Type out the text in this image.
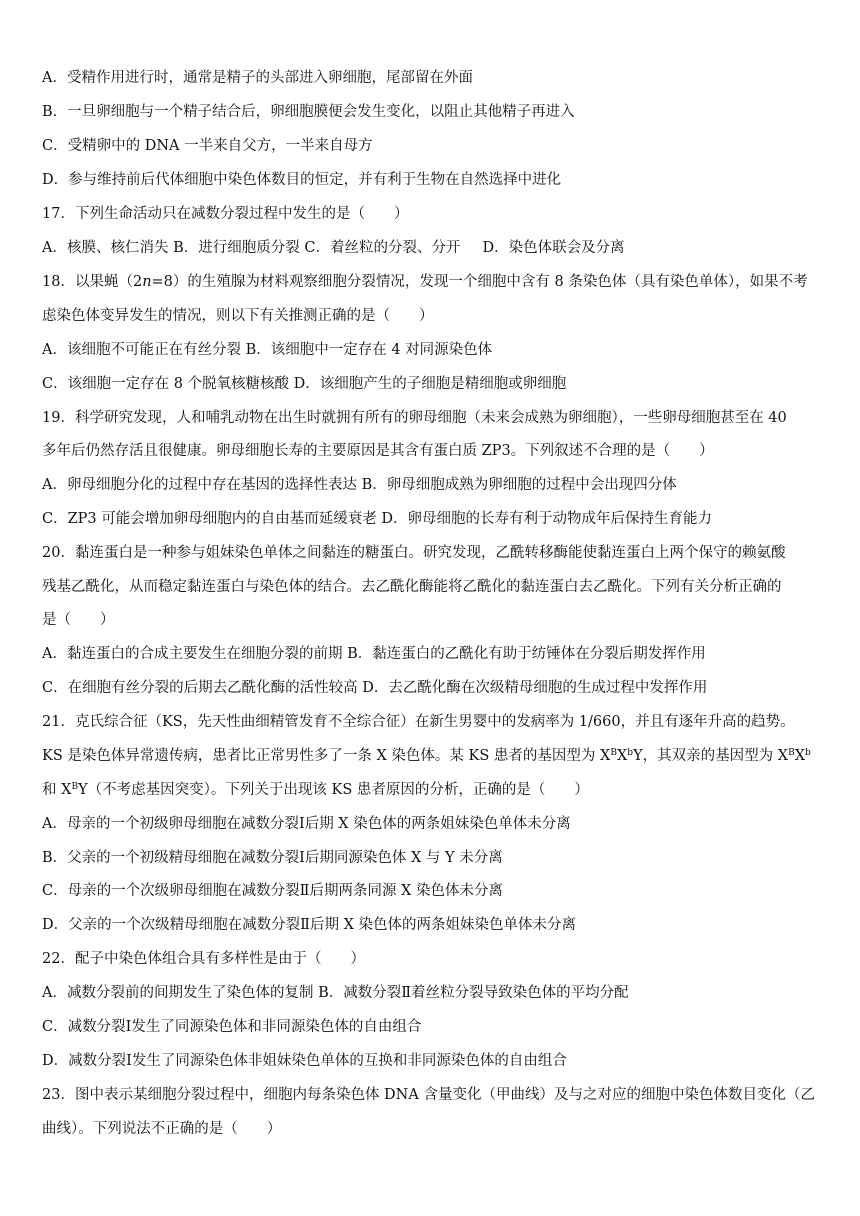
A．受精作用进行时，通常是精子的头部进入卵细胞，尾部留在外面
B．一旦卵细胞与一个精子结合后，卵细胞膜便会发生变化，以阻止其他精子再进入
C．受精卵中的 DNA 一半来自父方，一半来自母方
D．参与维持前后代体细胞中染色体数目的恒定，并有利于生物在自然选择中进化
17．下列生命活动只在减数分裂过程中发生的是（　　）
A．核膜、核仁消失 B．进行细胞质分裂 C．着丝粒的分裂、分开 D．染色体联会及分离
18．以果蝇（2n=8）的生殖腺为材料观察细胞分裂情况，发现一个细胞中含有 8 条染色体（具有染色单体），如果不考
虑染色体变异发生的情况，则以下有关推测正确的是（　　）
A．该细胞不可能正在有丝分裂 B．该细胞中一定存在 4 对同源染色体
C．该细胞一定存在 8 个脱氧核糖核酸 D．该细胞产生的子细胞是精细胞或卵细胞
19．科学研究发现，人和哺乳动物在出生时就拥有所有的卵母细胞（未来会成熟为卵细胞），一些卵母细胞甚至在 40
多年后仍然存活且很健康。卵母细胞长寿的主要原因是其含有蛋白质 ZP3。下列叙述不合理的是（　　）
A．卵母细胞分化的过程中存在基因的选择性表达 B．卵母细胞成熟为卵细胞的过程中会出现四分体
C．ZP3 可能会增加卵母细胞内的自由基而延缓衰老 D．卵母细胞的长寿有利于动物成年后保持生育能力
20．黏连蛋白是一种参与姐妹染色单体之间黏连的糖蛋白。研究发现，乙酰转移酶能使黏连蛋白上两个保守的赖氨酸
残基乙酰化，从而稳定黏连蛋白与染色体的结合。去乙酰化酶能将乙酰化的黏连蛋白去乙酰化。下列有关分析正确的
是（　　）
A．黏连蛋白的合成主要发生在细胞分裂的前期 B．黏连蛋白的乙酰化有助于纺锤体在分裂后期发挥作用
C．在细胞有丝分裂的后期去乙酰化酶的活性较高 D．去乙酰化酶在次级精母细胞的生成过程中发挥作用
21．克氏综合征（KS，先天性曲细精管发育不全综合征）在新生男婴中的发病率为 1/660，并且有逐年升高的趋势。
KS 是染色体异常遗传病，患者比正常男性多了一条 X 染色体。某 KS 患者的基因型为 $X^BX^bY$，其双亲的基因型为 $X^BX^b$
和 $X^BY$（不考虑基因突变）。下列关于出现该 KS 患者原因的分析，正确的是（　　）
A．母亲的一个初级卵母细胞在减数分裂Ⅰ后期 X 染色体的两条姐妹染色单体未分离
B．父亲的一个初级精母细胞在减数分裂Ⅰ后期同源染色体 X 与 Y 未分离
C．母亲的一个次级卵母细胞在减数分裂Ⅱ后期两条同源 X 染色体未分离
D．父亲的一个次级精母细胞在减数分裂Ⅱ后期 X 染色体的两条姐妹染色单体未分离
22．配子中染色体组合具有多样性是由于（　　）
A．减数分裂前的间期发生了染色体的复制 B．减数分裂Ⅱ着丝粒分裂导致染色体的平均分配
C．减数分裂Ⅰ发生了同源染色体和非同源染色体的自由组合
D．减数分裂Ⅰ发生了同源染色体非姐妹染色单体的互换和非同源染色体的自由组合
23．图中表示某细胞分裂过程中，细胞内每条染色体 DNA 含量变化（甲曲线）及与之对应的细胞中染色体数目变化（乙
曲线）。下列说法不正确的是（　　）
